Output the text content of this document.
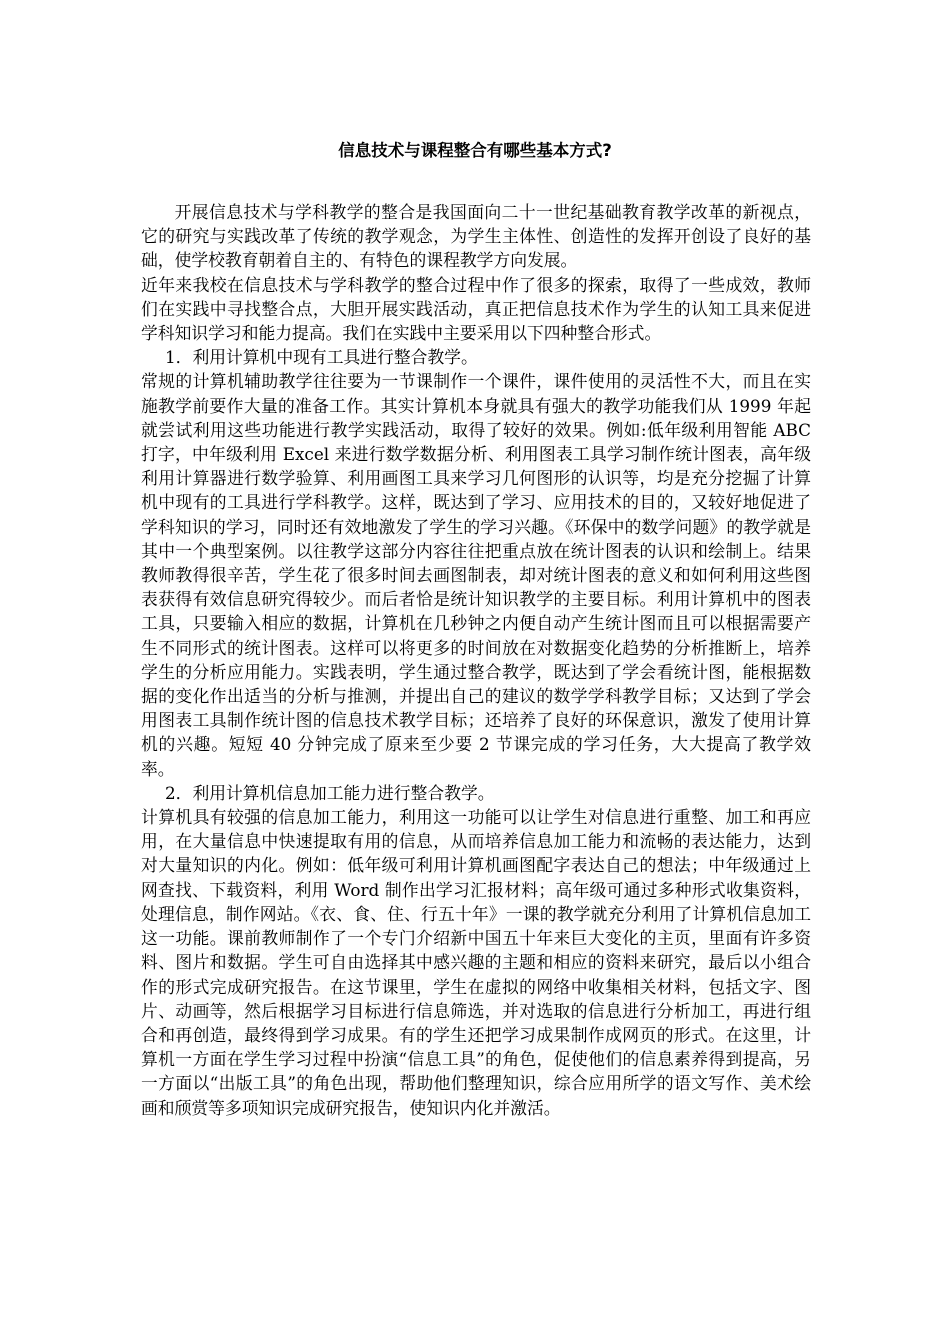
信息技术与课程整合有哪些基本方式?

开展信息技术与学科教学的整合是我国面向二十一世纪基础教育教学改革的新视点，它的研究与实践改革了传统的教学观念，为学生主体性、创造性的发挥开创设了良好的基础，使学校教育朝着自主的、有特色的课程教学方向发展。

近年来我校在信息技术与学科教学的整合过程中作了很多的探索，取得了一些成效，教师们在实践中寻找整合点，大胆开展实践活动，真正把信息技术作为学生的认知工具来促进学科知识学习和能力提高。我们在实践中主要采用以下四种整合形式。

1．利用计算机中现有工具进行整合教学。

常规的计算机辅助教学往往要为一节课制作一个课件，课件使用的灵活性不大，而且在实施教学前要作大量的准备工作。其实计算机本身就具有强大的教学功能我们从 1999 年起就尝试利用这些功能进行教学实践活动，取得了较好的效果。例如:低年级利用智能 ABC 打字，中年级利用 Excel 来进行数学数据分析、利用图表工具学习制作统计图表，高年级利用计算器进行数学验算、利用画图工具来学习几何图形的认识等，均是充分挖掘了计算机中现有的工具进行学科教学。这样，既达到了学习、应用技术的目的，又较好地促进了学科知识的学习，同时还有效地激发了学生的学习兴趣。《环保中的数学问题》的教学就是其中一个典型案例。以往教学这部分内容往往把重点放在统计图表的认识和绘制上。结果教师教得很辛苦，学生花了很多时间去画图制表，却对统计图表的意义和如何利用这些图表获得有效信息研究得较少。而后者恰是统计知识教学的主要目标。利用计算机中的图表工具，只要输入相应的数据，计算机在几秒钟之内便自动产生统计图而且可以根据需要产生不同形式的统计图表。这样可以将更多的时间放在对数据变化趋势的分析推断上，培养学生的分析应用能力。实践表明，学生通过整合教学，既达到了学会看统计图，能根据数据的变化作出适当的分析与推测，并提出自己的建议的数学学科教学目标；又达到了学会用图表工具制作统计图的信息技术教学目标；还培养了良好的环保意识，激发了使用计算机的兴趣。短短 40 分钟完成了原来至少要 2 节课完成的学习任务，大大提高了教学效率。

2．利用计算机信息加工能力进行整合教学。

计算机具有较强的信息加工能力，利用这一功能可以让学生对信息进行重整、加工和再应用，在大量信息中快速提取有用的信息，从而培养信息加工能力和流畅的表达能力，达到对大量知识的内化。例如：低年级可利用计算机画图配字表达自己的想法；中年级通过上网查找、下载资料，利用 Word 制作出学习汇报材料；高年级可通过多种形式收集资料，处理信息，制作网站。《衣、食、住、行五十年》一课的教学就充分利用了计算机信息加工这一功能。课前教师制作了一个专门介绍新中国五十年来巨大变化的主页，里面有许多资料、图片和数据。学生可自由选择其中感兴趣的主题和相应的资料来研究，最后以小组合作的形式完成研究报告。在这节课里，学生在虚拟的网络中收集相关材料，包括文字、图片、动画等，然后根据学习目标进行信息筛选，并对选取的信息进行分析加工，再进行组合和再创造，最终得到学习成果。有的学生还把学习成果制作成网页的形式。在这里，计算机一方面在学生学习过程中扮演“信息工具”的角色，促使他们的信息素养得到提高，另一方面以“出版工具”的角色出现，帮助他们整理知识，综合应用所学的语文写作、美术绘画和颀赏等多项知识完成研究报告，使知识内化并激活。
